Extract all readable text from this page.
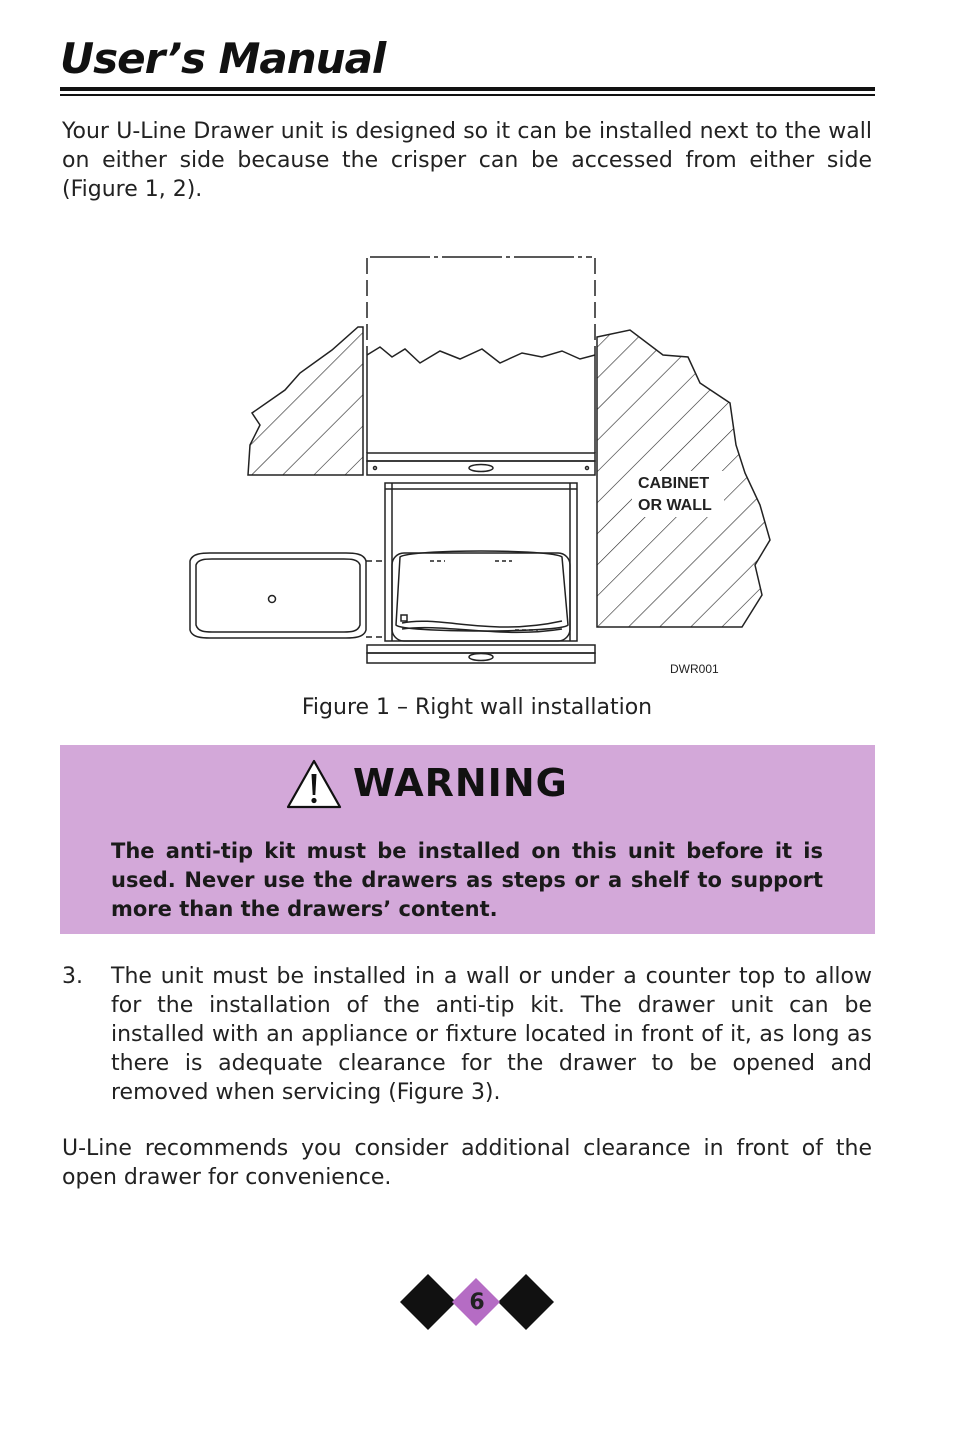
User’s Manual
Your U-Line Drawer unit is designed so it can be installed next to the wall on either side because the crisper can be accessed from either side (Figure 1, 2).
CABINET
OR WALL
DWR001
Figure 1 – Right wall installation
WARNING
The anti-tip kit must be installed on this unit before it is used. Never use the drawers as steps or a shelf to support more than the drawers’ content.
3. The unit must be installed in a wall or under a counter top to allow for the installation of the anti-tip kit. The drawer unit can be installed with an appliance or fixture located in front of it, as long as there is adequate clearance for the drawer to be opened and removed when servicing (Figure 3).
U-Line recommends you consider additional clearance in front of the open drawer for convenience.
6
